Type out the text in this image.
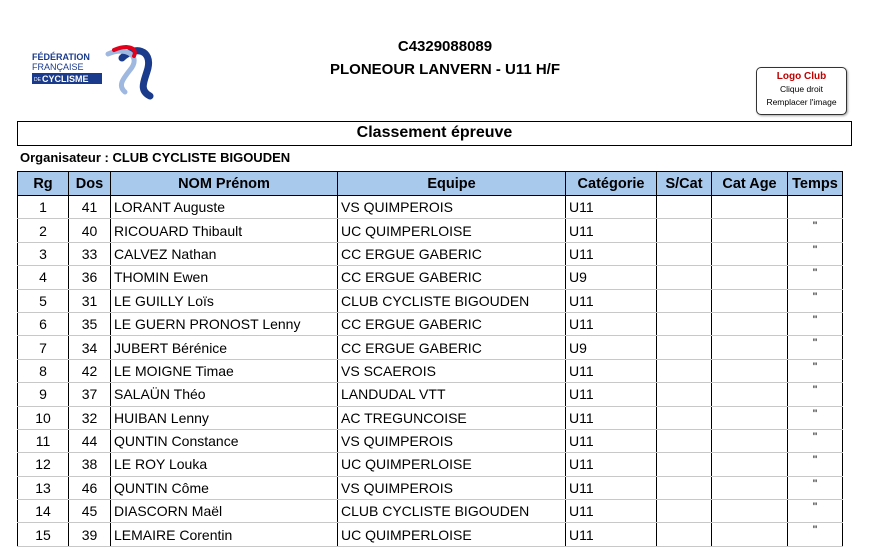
FÉDÉRATION
FRANÇAISE
DE CYCLISME
C4329088089
PLONEOUR LANVERN - U11 H/F	Logo Club
Clique droit
Remplacer l'image
Classement épreuve
Organisateur : CLUB CYCLISTE BIGOUDEN
Rg	Dos	NOM Prénom	Equipe	Catégorie	S/Cat	Cat Age	Temps
1	41	LORANT Auguste	VS QUIMPEROIS	U11			
2	40	RICOUARD Thibault	UC QUIMPERLOISE	U11			"
3	33	CALVEZ Nathan	CC ERGUE GABERIC	U11			"
4	36	THOMIN Ewen	CC ERGUE GABERIC	U9			"
5	31	LE GUILLY Loïs	CLUB CYCLISTE BIGOUDEN	U11			"
6	35	LE GUERN PRONOST Lenny	CC ERGUE GABERIC	U11			"
7	34	JUBERT Bérénice	CC ERGUE GABERIC	U9			"
8	42	LE MOIGNE Timae	VS SCAEROIS	U11			"
9	37	SALAÜN Théo	LANDUDAL VTT	U11			"
10	32	HUIBAN Lenny	AC TREGUNCOISE	U11			"
11	44	QUNTIN Constance	VS QUIMPEROIS	U11			"
12	38	LE ROY Louka	UC QUIMPERLOISE	U11			"
13	46	QUNTIN Côme	VS QUIMPEROIS	U11			"
14	45	DIASCORN Maël	CLUB CYCLISTE BIGOUDEN	U11			"
15	39	LEMAIRE Corentin	UC QUIMPERLOISE	U11			"
